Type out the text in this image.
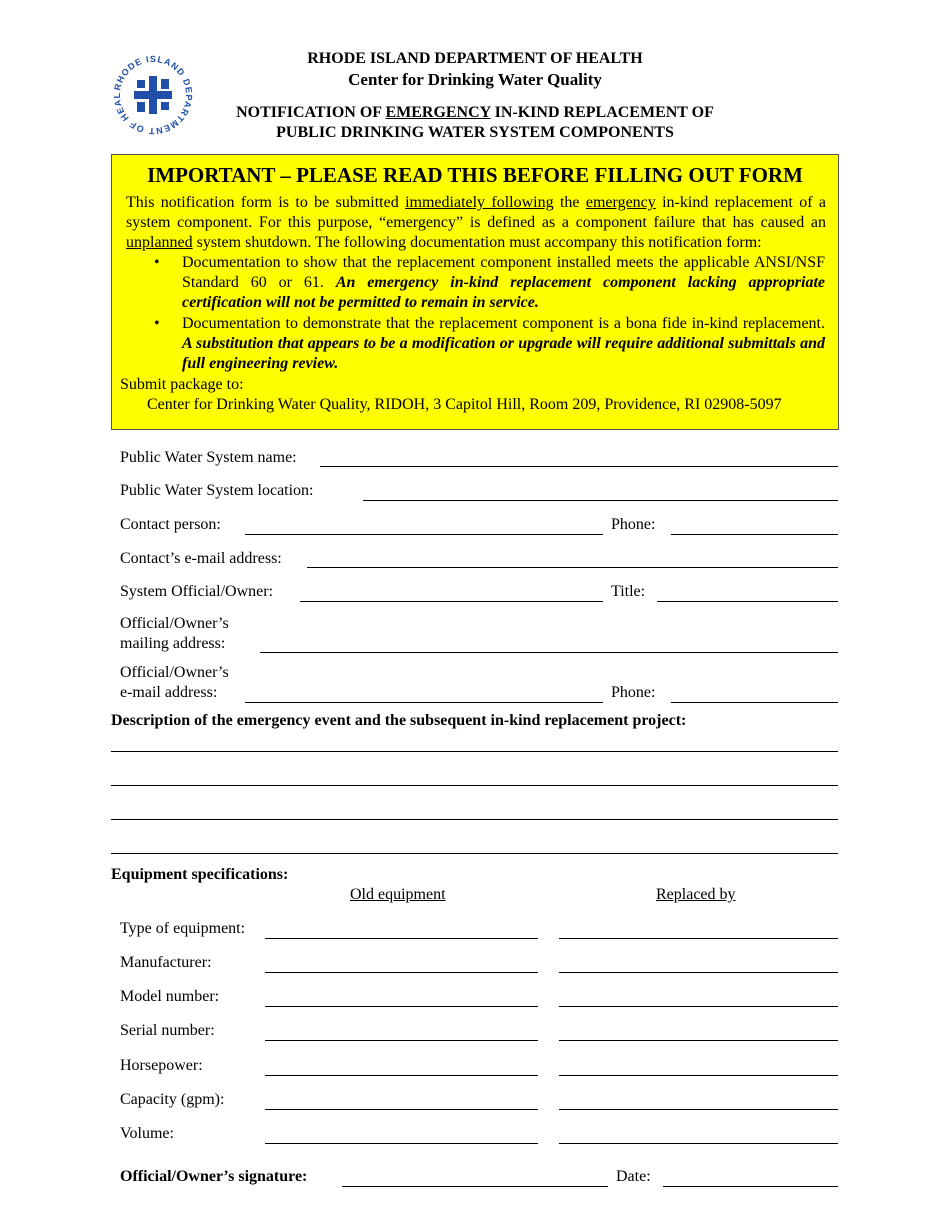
RHODE ISLAND DEPARTMENT OF HEAL
RHODE ISLAND DEPARTMENT OF HEALTH
Center for Drinking Water Quality
NOTIFICATION OF EMERGENCY IN-KIND REPLACEMENT OF
PUBLIC DRINKING WATER SYSTEM COMPONENTS
IMPORTANT – PLEASE READ THIS BEFORE FILLING OUT FORM
This notification form is to be submitted immediately following the emergency in-kind replacement of a system component. For this purpose, “emergency” is defined as a component failure that has caused an unplanned system shutdown. The following documentation must accompany this notification form:
• Documentation to show that the replacement component installed meets the applicable ANSI/NSF Standard 60 or 61. An emergency in-kind replacement component lacking appropriate certification will not be permitted to remain in service.
• Documentation to demonstrate that the replacement component is a bona fide in-kind replacement. A substitution that appears to be a modification or upgrade will require additional submittals and full engineering review.
Submit package to:
Center for Drinking Water Quality, RIDOH, 3 Capitol Hill, Room 209, Providence, RI 02908-5097
Public Water System name:
Public Water System location:
Contact person:	Phone:
Contact’s e-mail address:
System Official/Owner:	Title:
Official/Owner’s
mailing address:
Official/Owner’s
e-mail address:	Phone:
Description of the emergency event and the subsequent in-kind replacement project:
Equipment specifications:
Old equipment	Replaced by
Type of equipment:
Manufacturer:
Model number:
Serial number:
Horsepower:
Capacity (gpm):
Volume:
Official/Owner’s signature:	Date:
